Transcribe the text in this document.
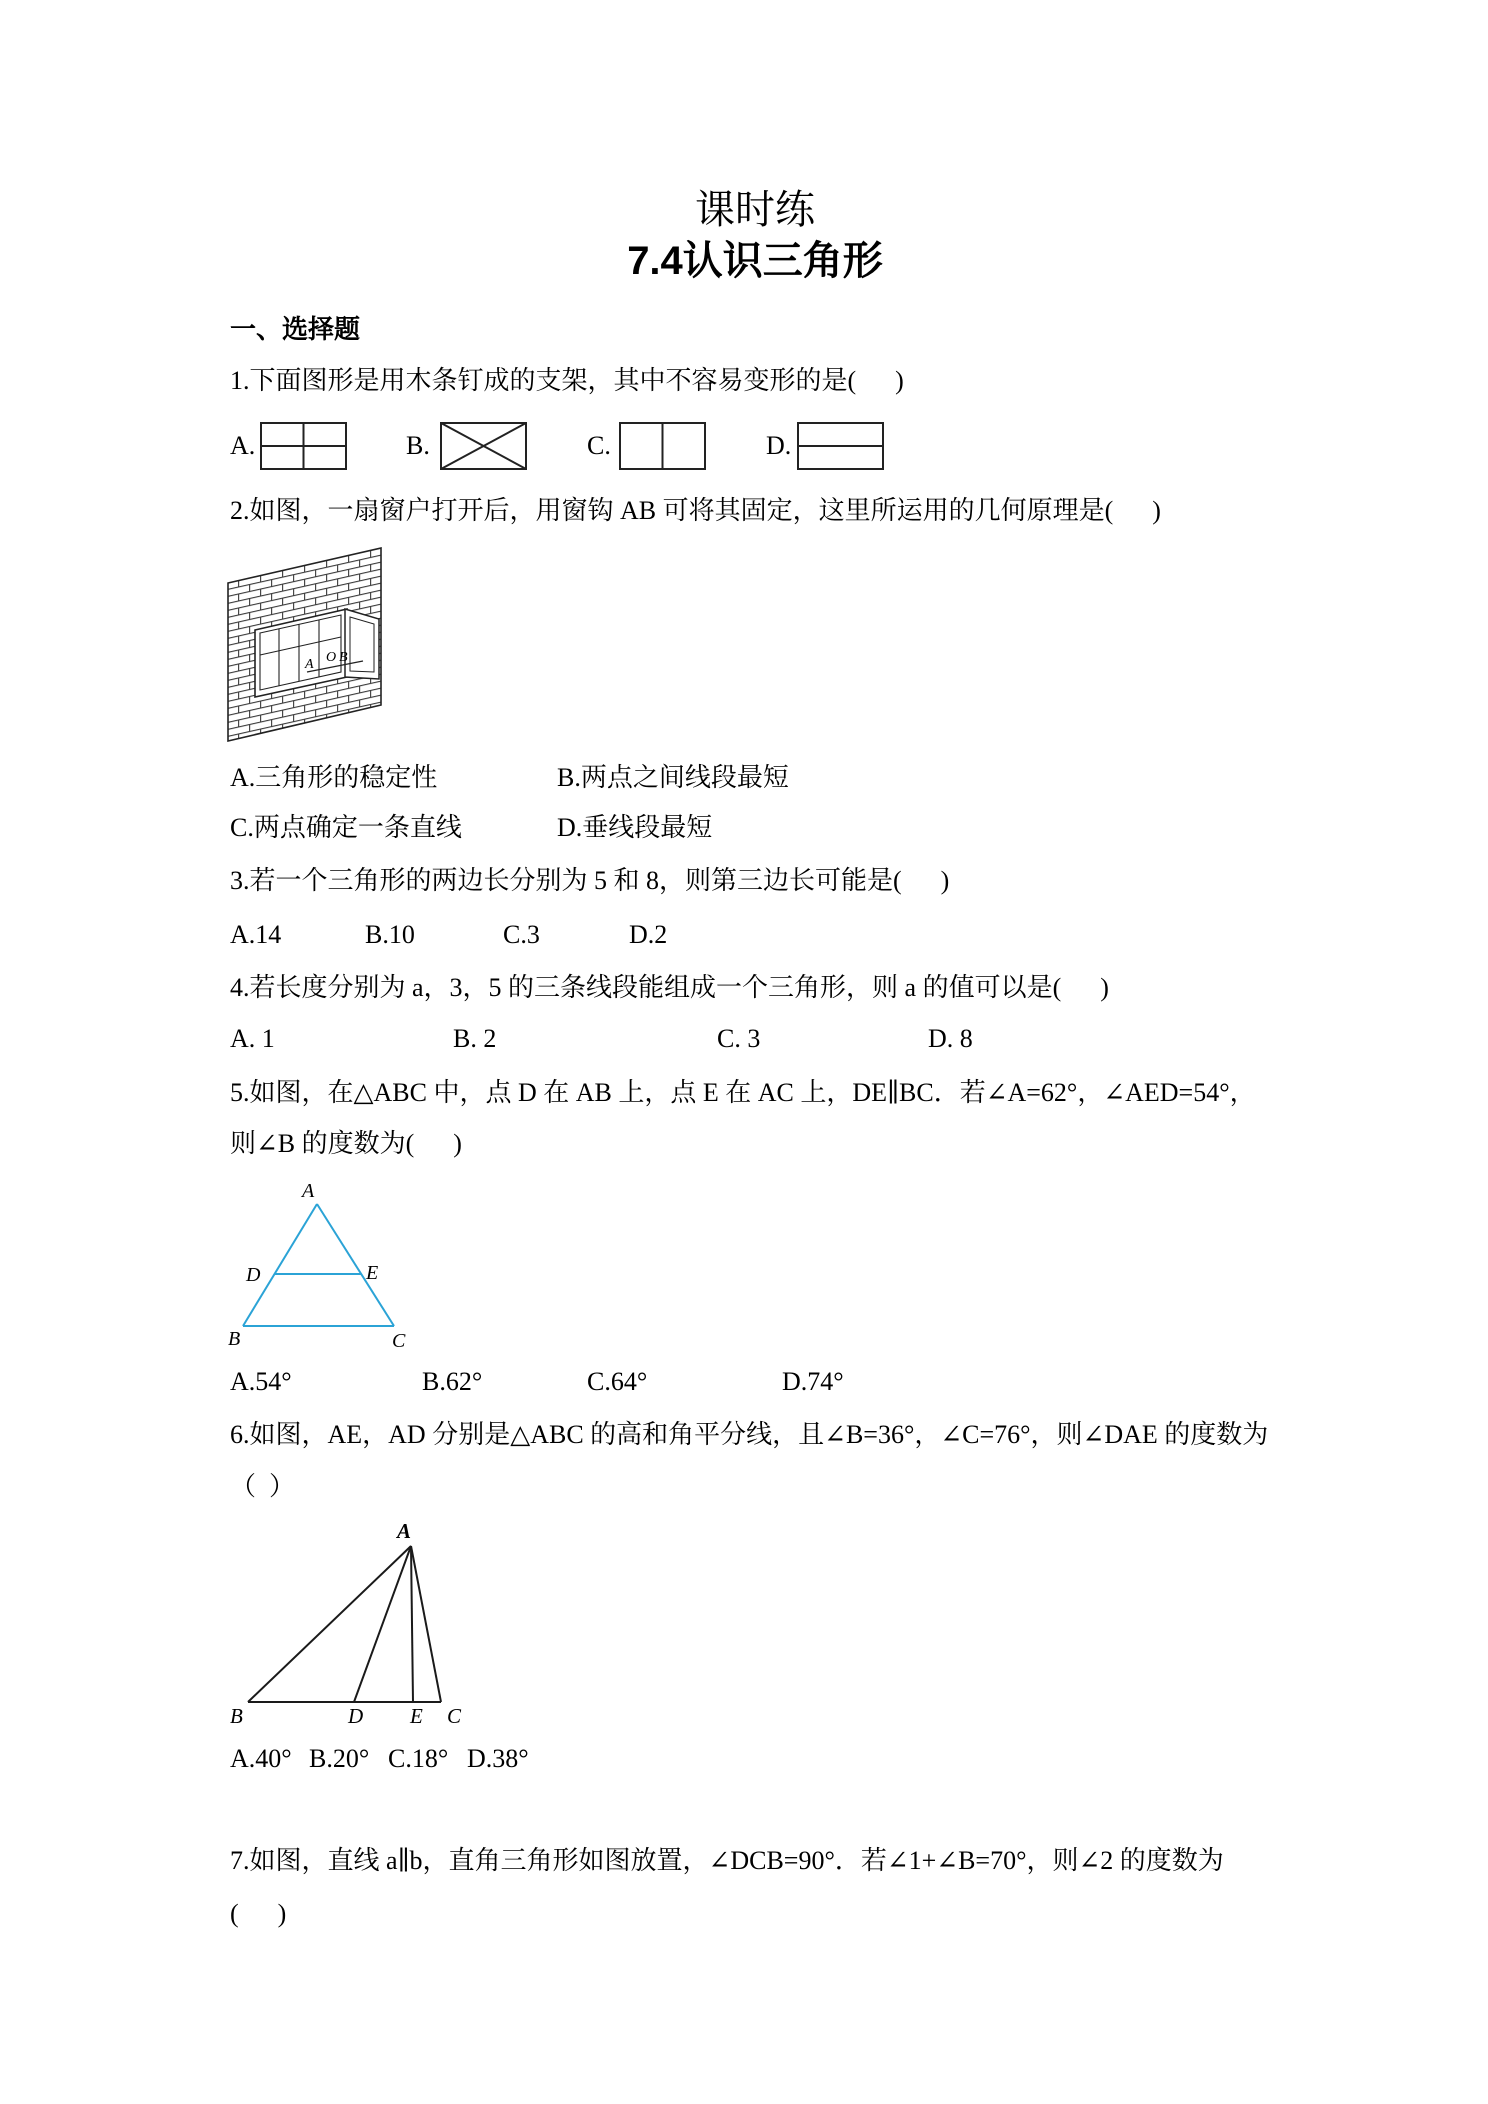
课时练
7.4认识三角形
一、选择题
1.下面图形是用木条钉成的支架，其中不容易变形的是(      )
A.	B.	C.	D.
2.如图，一扇窗户打开后，用窗钩 AB 可将其固定，这里所运用的几何原理是(      )
A O B
A.三角形的稳定性	B.两点之间线段最短
C.两点确定一条直线	D.垂线段最短
3.若一个三角形的两边长分别为 5 和 8，则第三边长可能是(      )
A.14	B.10	C.3	D.2
4.若长度分别为 a，3，5 的三条线段能组成一个三角形，则 a 的值可以是(      )
A. 1	B. 2	C. 3	D. 8
5.如图，在△ABC 中，点 D 在 AB 上，点 E 在 AC 上，DE∥BC．若∠A=62°，∠AED=54°，
则∠B 的度数为(      )
A
D	E
B	C
A.54°	B.62°	C.64°	D.74°
6.如图，AE，AD 分别是△ABC 的高和角平分线，且∠B=36°，∠C=76°，则∠DAE 的度数为
（  ）
A
B	D E C
A.40° B.20° C.18° D.38°
7.如图，直线 a∥b，直角三角形如图放置，∠DCB=90°．若∠1+∠B=70°，则∠2 的度数为
(      )
